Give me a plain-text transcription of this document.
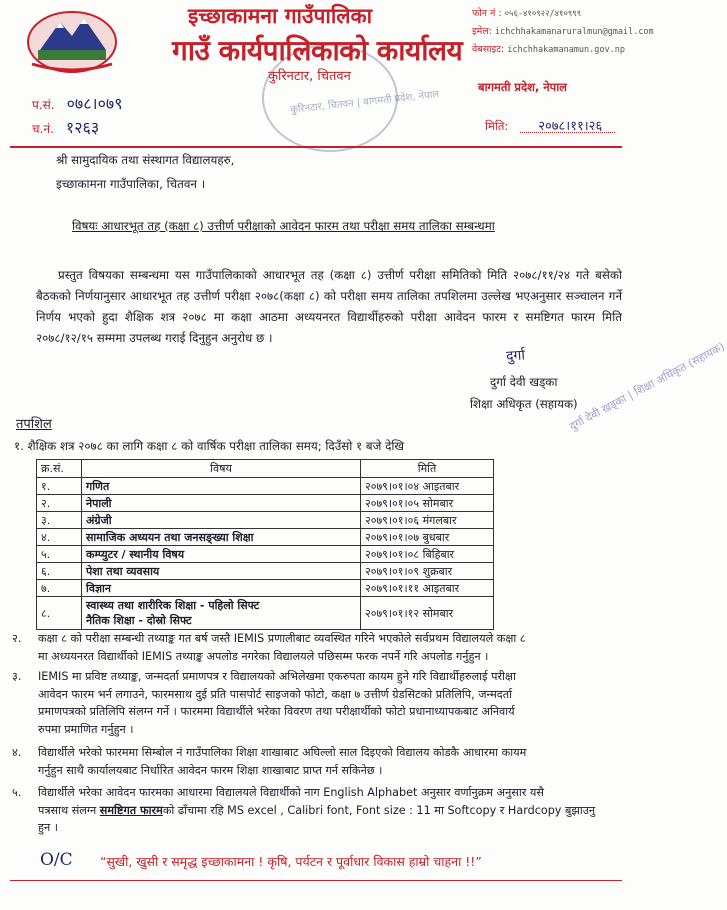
कुरिनटार, चितवन | बागमती प्रदेश, नेपाल
इच्छाकामना गाउँपालिका
गाउँ कार्यपालिकाको कार्यालय
कुरिनटार, चितवन
फोन नं : ०५६-४१०९२२/४१०९९९
इमेल: ichchhakamanaruralmun@gmail.com
वेबसाइट: ichchhakamanamun.gov.np
बागमती प्रदेश, नेपाल
प.सं. ०७८।०७९
च.नं. १२६३	मिति: २०७८।११।२६
श्री सामुदायिक तथा संस्थागत विद्यालयहरु,
इच्छाकामना गाउँपालिका, चितवन ।
विषयः आधारभूत तह (कक्षा ८) उत्तीर्ण परीक्षाको आवेदन फारम तथा परीक्षा समय तालिका सम्बन्धमा
प्रस्तुत विषयका सम्बन्धमा यस गाउँपालिकाको आधारभूत तह (कक्षा ८) उत्तीर्ण परीक्षा समितिको मिति २०७८/११/२४ गते बसेको बैठकको निर्णयानुसार आधारभूत तह उत्तीर्ण परीक्षा २०७८(कक्षा ८) को परीक्षा समय तालिका तपशिलमा उल्लेख भएअनुसार सञ्चालन गर्ने निर्णय भएको हुदा शैक्षिक शत्र २०७८ मा कक्षा आठमा अध्ययनरत विद्यार्थीहरुको परीक्षा आवेदन फारम र समष्टिगत फारम मिति २०७८/१२/१५ सम्ममा उपलब्ध गराई दिनुहुन अनुरोध छ ।
दुर्गा
दुर्गा देवी खड्का
शिक्षा अधिकृत (सहायक)
दुर्गा देवी खड्का | शिक्षा अधिकृत (सहायक)
तपशिल
१. शैक्षिक शत्र २०७८ का लागि कक्षा ८ को वार्षिक परीक्षा तालिका समय; दिउँसो १ बजे देखि
क्र.सं.	विषय	मिति
१.	गणित	२०७९।०१।०४ आइतबार
२.	नेपाली	२०७९।०१।०५ सोमबार
३.	अंग्रेजी	२०७९।०१।०६ मंगलबार
४.	सामाजिक अध्ययन तथा जनसङ्ख्या शिक्षा	२०७९।०१।०७ बुधबार
५.	कम्प्युटर / स्थानीय विषय	२०७९।०१।०८ बिहिबार
६.	पेशा तथा व्यवसाय	२०७९।०१।०९ शुक्रबार
७.	विज्ञान	२०७९।०१।११ आइतबार
८.	स्वास्थ्य तथा शारीरिक शिक्षा - पहिलो सिफ्ट
नैतिक शिक्षा - दोस्रो सिफ्ट	२०७९।०१।१२ सोमबार
२. कक्षा ८ को परीक्षा सम्बन्धी तथ्याङ्क गत बर्ष जस्तै IEMIS प्रणालीबाट व्यवस्थित गरिने भएकोले सर्वप्रथम विद्यालयले कक्षा ८
मा अध्ययनरत विद्यार्थीको IEMIS तथ्याङ्क अपलोड नगरेका विद्यालयले पछिसम्म फरक नपर्ने गरि अपलोड गर्नुहुन ।
३. IEMIS मा प्रविष्ट तथ्याङ्क, जन्मदर्ता प्रमाणपत्र र विद्यालयको अभिलेखमा एकरुपता कायम हुने गरि विद्यार्थीहरुलाई परीक्षा
आवेदन फारम भर्न लगाउने, फारमसाथ दुई प्रति पासपोर्ट साइजको फोटो, कक्षा ७ उत्तीर्ण ग्रेडसिटको प्रतिलिपि, जन्मदर्ता
प्रमाणपत्रको प्रतिलिपि संलग्न गर्ने । फारममा विद्यार्थीले भरेका विवरण तथा परीक्षार्थीको फोटो प्रधानाध्यापकबाट अनिवार्य
रुपमा प्रमाणित गर्नुहुन ।
४. विद्यार्थीले भरेको फारममा सिम्बोल नं गाउँपालिका शिक्षा शाखाबाट अघिल्लो साल दिइएको विद्यालय कोडकै आधारमा कायम
गर्नुहुन साथै कार्यालयबाट निर्धारित आवेदन फारम शिक्षा शाखाबाट प्राप्त गर्न सकिनेछ ।
५. विद्यार्थीले भरेका आवेदन फारमका आधारमा विद्यालयले विद्यार्थीको नाग English Alphabet अनुसार वर्णानुक्रम अनुसार यसै
पत्रसाथ संलग्न समष्टिगत फारमको ढाँचामा रहि MS excel , Calibri font, Font size : 11 मा Softcopy र Hardcopy बुझाउनु
हुन ।
O/C “सुखी, खुसी र समृद्ध इच्छाकामना ! कृषि, पर्यटन र पूर्वाधार विकास हाम्रो चाहना !!”
